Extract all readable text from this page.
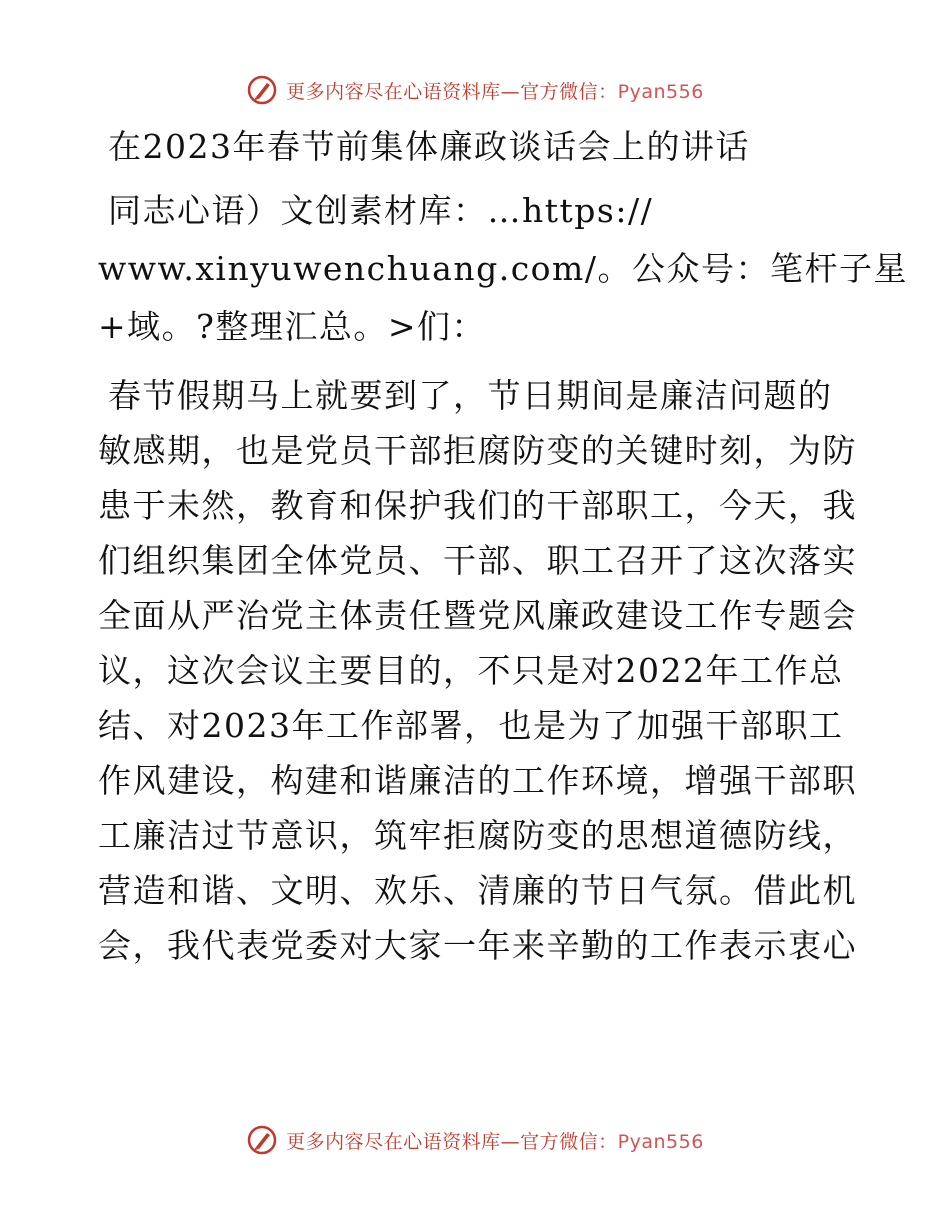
更多内容尽在心语资料库—官方微信：Pyan556
在2023年春节前集体廉政谈话会上的讲话
同志心语）文创素材库：…https://
www.xinyuwenchuang.com/。公众号：笔杆子星
+域。?整理汇总。>们：
春节假期马上就要到了，节日期间是廉洁问题的
敏感期，也是党员干部拒腐防变的关键时刻，为防
患于未然，教育和保护我们的干部职工，今天，我
们组织集团全体党员、干部、职工召开了这次落实
全面从严治党主体责任暨党风廉政建设工作专题会
议，这次会议主要目的，不只是对2022年工作总
结、对2023年工作部署，也是为了加强干部职工
作风建设，构建和谐廉洁的工作环境，增强干部职
工廉洁过节意识，筑牢拒腐防变的思想道德防线，
营造和谐、文明、欢乐、清廉的节日气氛。借此机
会，我代表党委对大家一年来辛勤的工作表示衷心
更多内容尽在心语资料库—官方微信：Pyan556
